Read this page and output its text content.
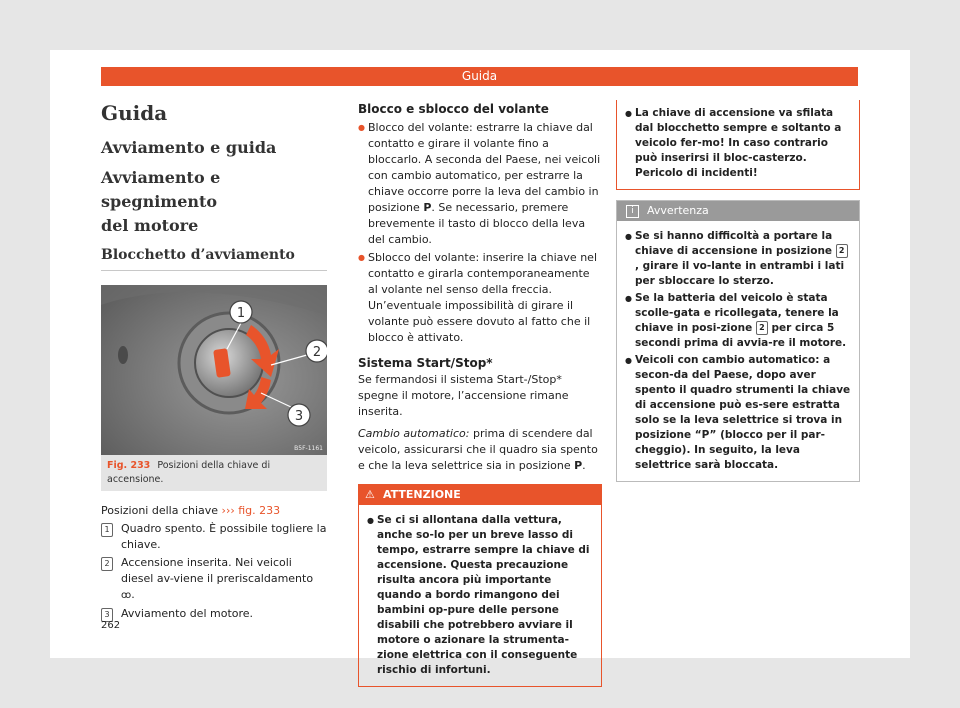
Guida
Guida
Avviamento e guida
Avviamento e spegnimento
del motore
Blocchetto d’avviamento
1
2
3
B5F-1161
Fig. 233 Posizioni della chiave di accensione.

Posizioni della chiave ››› fig. 233

1	Quadro spento. È possibile togliere la chiave.
2	Accensione inserita. Nei veicoli diesel av-viene il preriscaldamento ꝏ.
3	Avviamento del motore.
Blocco e sblocco del volante
● Blocco del volante: estrarre la chiave dal contatto e girare il volante fino a bloccarlo. A seconda del Paese, nei veicoli con cambio automatico, per estrarre la chiave occorre porre la leva del cambio in posizione P. Se necessario, premere brevemente il tasto di blocco della leva del cambio.
● Sblocco del volante: inserire la chiave nel contatto e girarla contemporaneamente al volante nel senso della freccia. Un’eventuale impossibilità di girare il volante può essere dovuto al fatto che il blocco è attivato.
Sistema Start/Stop*

Se fermandosi il sistema Start-/Stop* spegne il motore, l’accensione rimane inserita.

Cambio automatico: prima di scendere dal veicolo, assicurarsi che il quadro sia spento e che la leva selettrice sia in posizione P.

⚠ ATTENZIONE
● Se ci si allontana dalla vettura, anche so-lo per un breve lasso di tempo, estrarre sempre la chiave di accensione. Questa precauzione risulta ancora più importante quando a bordo rimangono dei bambini op-pure delle persone disabili che potrebbero avviare il motore o azionare la strumenta-zione elettrica con il conseguente rischio di infortuni.
● La chiave di accensione va sfilata dal blocchetto sempre e soltanto a veicolo fer-mo! In caso contrario può inserirsi il bloc-casterzo. Pericolo di incidenti!
i	Avvertenza
● Se si hanno difficoltà a portare la chiave di accensione in posizione 2, girare il vo-lante in entrambi i lati per sbloccare lo sterzo.
● Se la batteria del veicolo è stata scolle-gata e ricollegata, tenere la chiave in posi-zione 2 per circa 5 secondi prima di avvia-re il motore.
● Veicoli con cambio automatico: a secon-da del Paese, dopo aver spento il quadro strumenti la chiave di accensione può es-sere estratta solo se la leva selettrice si trova in posizione “P” (blocco per il par-cheggio). In seguito, la leva selettrice sarà bloccata.
262
